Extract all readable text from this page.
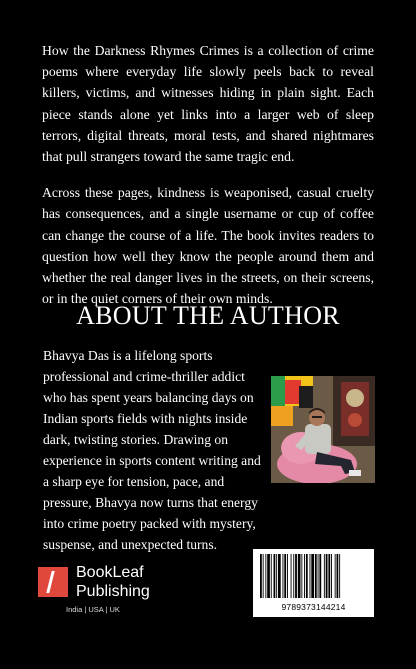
How the Darkness Rhymes Crimes is a collection of crime poems where everyday life slowly peels back to reveal killers, victims, and witnesses hiding in plain sight. Each piece stands alone yet links into a larger web of sleep terrors, digital threats, moral tests, and shared nightmares that pull strangers toward the same tragic end.

Across these pages, kindness is weaponised, casual cruelty has consequences, and a single username or cup of coffee can change the course of a life. The book invites readers to question how well they know the people around them and whether the real danger lives in the streets, on their screens, or in the quiet corners of their own minds.

ABOUT THE AUTHOR
Bhavya Das is a lifelong sports professional and crime-thriller addict who has spent years balancing days on Indian sports fields with nights inside dark, twisting stories. Drawing on experience in sports content writing and a sharp eye for tension, pace, and pressure, Bhavya now turns that energy into crime poetry packed with mystery, suspense, and unexpected turns.
BookLeaf
Publishing
India | USA | UK	9789373144214
